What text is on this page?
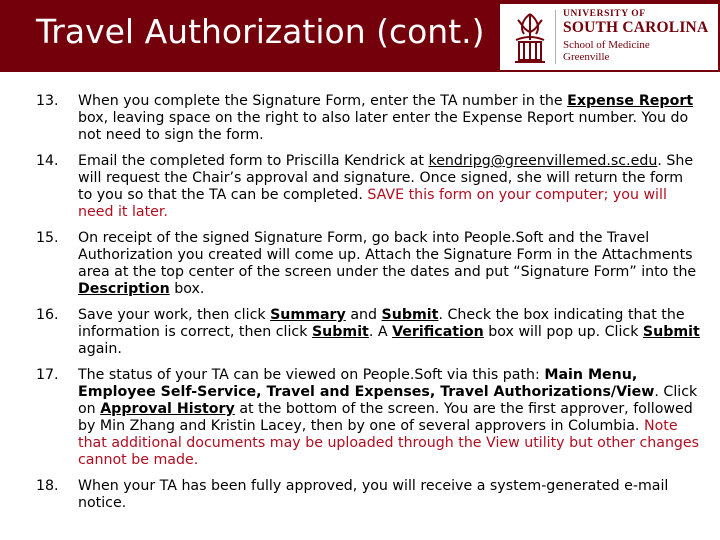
Travel Authorization (cont.)	UNIVERSITY OF
SOUTH CAROLINA
School of Medicine
Greenville
13. When you complete the Signature Form, enter the TA number in the Expense Report box, leaving space on the right to also later enter the Expense Report number. You do not need to sign the form.
14. Email the completed form to Priscilla Kendrick at kendripg@greenvillemed.sc.edu. She will request the Chair’s approval and signature. Once signed, she will return the form to you so that the TA can be completed. SAVE this form on your computer; you will need it later.
15. On receipt of the signed Signature Form, go back into People.Soft and the Travel Authorization you created will come up. Attach the Signature Form in the Attachments area at the top center of the screen under the dates and put “Signature Form” into the Description box.
16. Save your work, then click Summary and Submit. Check the box indicating that the information is correct, then click Submit. A Verification box will pop up. Click Submit again.
17. The status of your TA can be viewed on People.Soft via this path: Main Menu, Employee Self-Service, Travel and Expenses, Travel Authorizations/View. Click on Approval History at the bottom of the screen. You are the first approver, followed by Min Zhang and Kristin Lacey, then by one of several approvers in Columbia. Note that additional documents may be uploaded through the View utility but other changes cannot be made.
18. When your TA has been fully approved, you will receive a system-generated e-mail notice.
